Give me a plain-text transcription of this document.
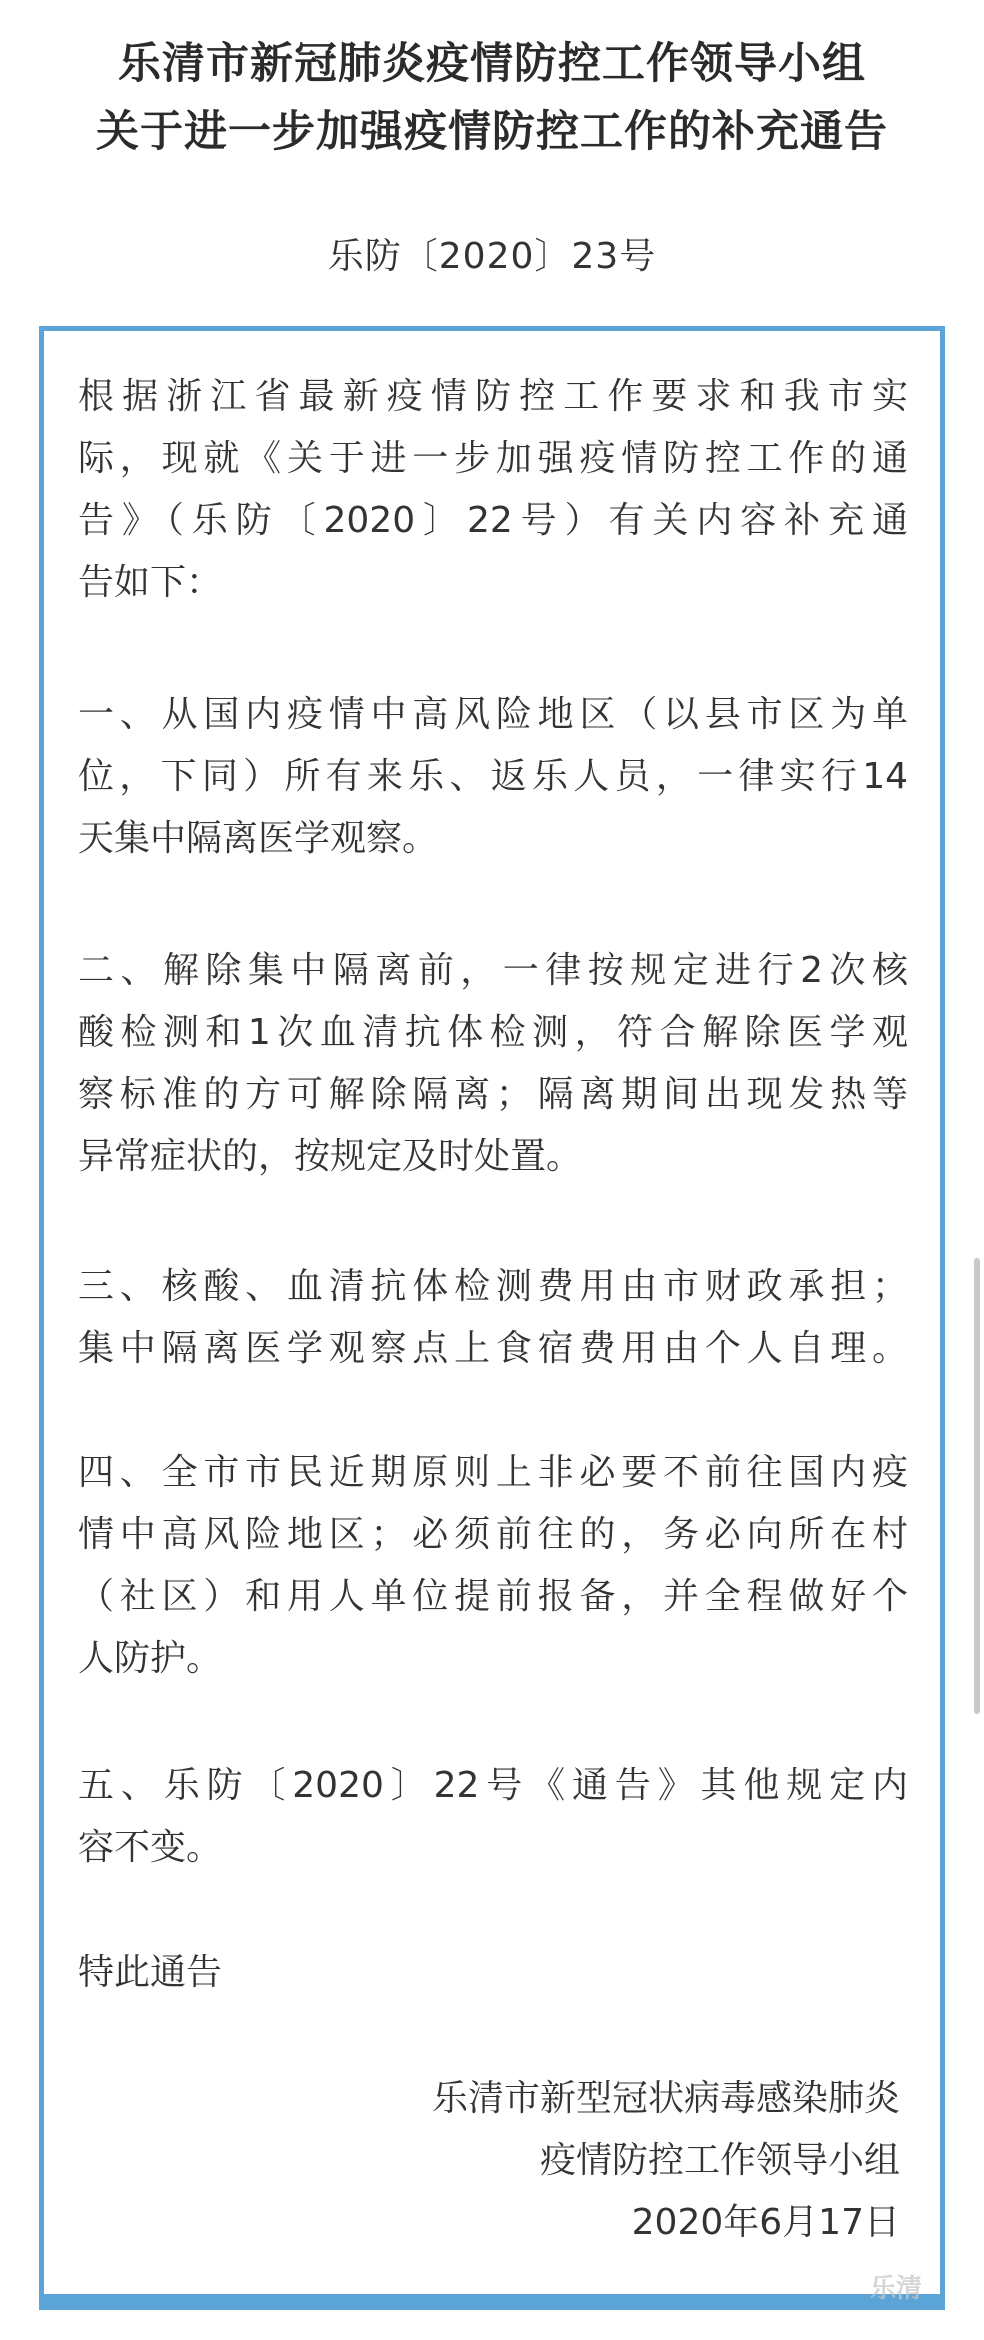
乐清市新冠肺炎疫情防控工作领导小组
关于进一步加强疫情防控工作的补充通告
乐防〔2020〕23号
根据浙江省最新疫情防控工作要求和我市实
际，现就《关于进一步加强疫情防控工作的通
告》（乐防〔2020〕22号）有关内容补充通
告如下：
一、从国内疫情中高风险地区（以县市区为单
位，下同）所有来乐、返乐人员，一律实行14
天集中隔离医学观察。
二、解除集中隔离前，一律按规定进行2次核
酸检测和1次血清抗体检测，符合解除医学观
察标准的方可解除隔离；隔离期间出现发热等
异常症状的，按规定及时处置。
三、核酸、血清抗体检测费用由市财政承担；
集中隔离医学观察点上食宿费用由个人自理。
四、全市市民近期原则上非必要不前往国内疫
情中高风险地区；必须前往的，务必向所在村
（社区）和用人单位提前报备，并全程做好个
人防护。
五、乐防〔2020〕22号《通告》其他规定内
容不变。
特此通告
乐清市新型冠状病毒感染肺炎
疫情防控工作领导小组
2020年6月17日
乐清
